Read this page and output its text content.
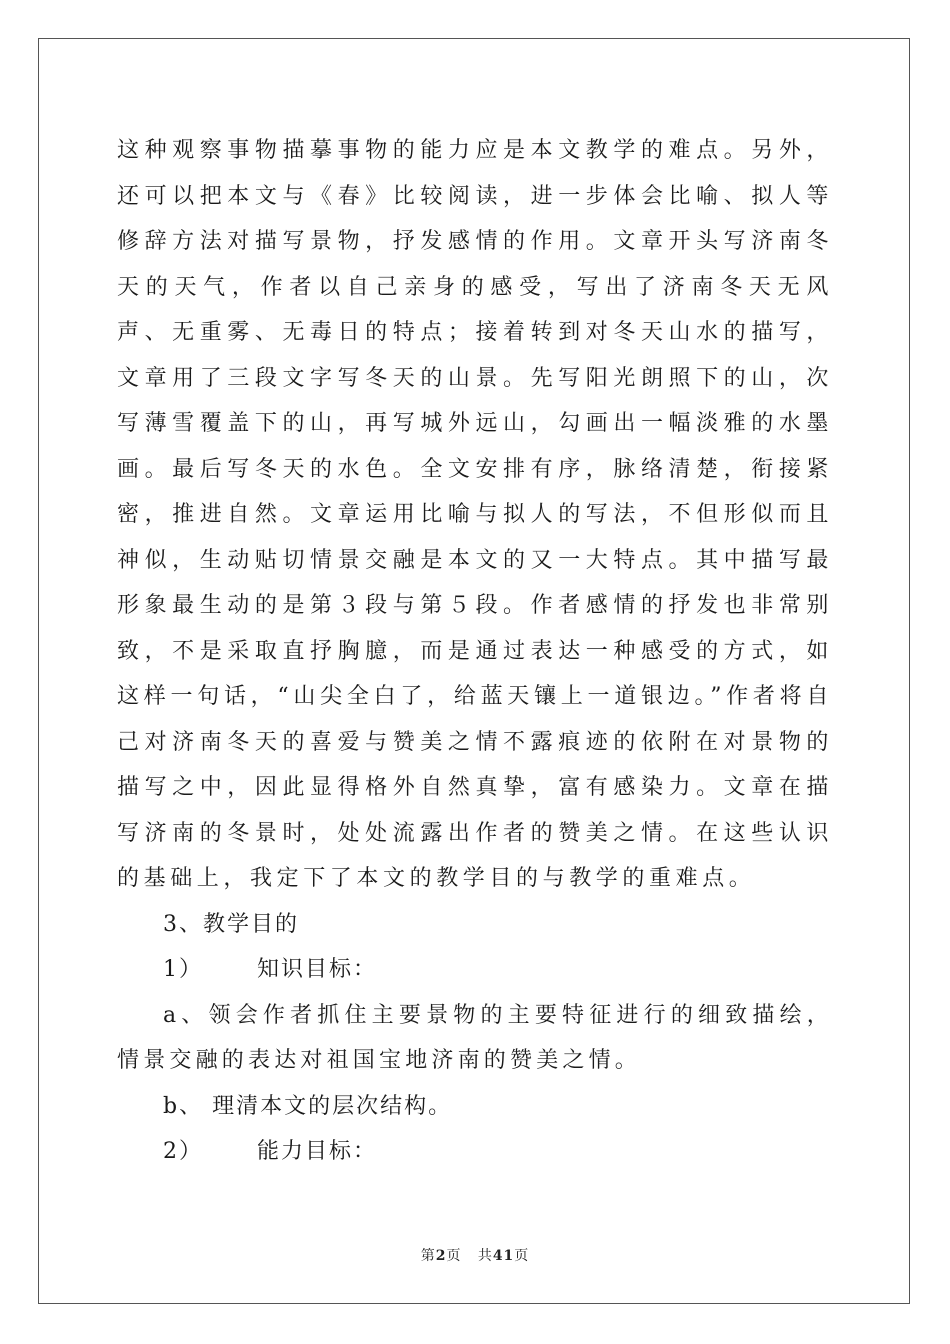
这种观察事物描摹事物的能力应是本文教学的难点。另外，还可以把本文与《春》比较阅读，进一步体会比喻、拟人等修辞方法对描写景物，抒发感情的作用。文章开头写济南冬天的天气，作者以自己亲身的感受，写出了济南冬天无风声、无重雾、无毒日的特点；接着转到对冬天山水的描写，文章用了三段文字写冬天的山景。先写阳光朗照下的山，次写薄雪覆盖下的山，再写城外远山，勾画出一幅淡雅的水墨画。最后写冬天的水色。全文安排有序，脉络清楚，衔接紧密，推进自然。文章运用比喻与拟人的写法，不但形似而且神似，生动贴切情景交融是本文的又一大特点。其中描写最形象最生动的是第３段与第５段。作者感情的抒发也非常别致，不是采取直抒胸臆，而是通过表达一种感受的方式，如这样一句话，“山尖全白了，给蓝天镶上一道银边。”作者将自己对济南冬天的喜爱与赞美之情不露痕迹的依附在对景物的描写之中，因此显得格外自然真挚，富有感染力。文章在描写济南的冬景时，处处流露出作者的赞美之情。在这些认识的基础上，我定下了本文的教学目的与教学的重难点。

3、教学目的

1）      知识目标：

a、领会作者抓住主要景物的主要特征进行的细致描绘，情景交融的表达对祖国宝地济南的赞美之情。

b、 理清本文的层次结构。

2）      能力目标：

第2页 共41页
